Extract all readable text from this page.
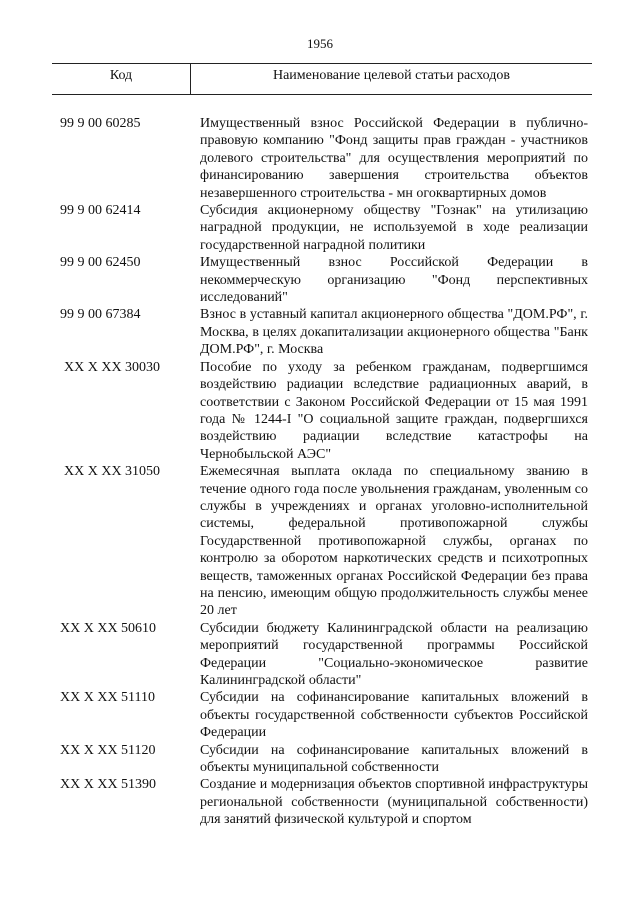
1956
Код	Наименование целевой статьи расходов
99 9 00 60285	Имущественный взнос Российской Федерации в публично-правовую компанию "Фонд защиты прав граждан - участников долевого строительства" для осуществления мероприятий по финансированию завершения строительства объектов незавершенного строительства - мн огоквартирных домов
99 9 00 62414	Субсидия акционерному обществу "Гознак" на утилизацию наградной продукции, не используемой в ходе реализации государственной наградной политики
99 9 00 62450	Имущественный взнос Российской Федерации в некоммерческую организацию "Фонд перспективных исследований"
99 9 00 67384	Взнос в уставный капитал акционерного общества "ДОМ.РФ", г. Москва, в целях докапитализации акционерного общества "Банк ДОМ.РФ", г. Москва
XX X XX 30030	Пособие по уходу за ребенком гражданам, подвергшимся воздействию радиации вследствие радиационных аварий, в соответствии с Законом Российской Федерации от 15 мая 1991 года № 1244-I "О социальной защите граждан, подвергшихся воздействию радиации вследствие катастрофы на Чернобыльской АЭС"
XX X XX 31050	Ежемесячная выплата оклада по специальному званию в течение одного года после увольнения гражданам, уволенным со службы в учреждениях и органах уголовно-исполнительной системы, федеральной противопожарной службы Государственной противопожарной службы, органах по контролю за оборотом наркотических средств и психотропных веществ, таможенных органах Российской Федерации без права на пенсию, имеющим общую продолжительность службы менее 20 лет
XX X XX 50610	Субсидии бюджету Калининградской области на реализацию мероприятий государственной программы Российской Федерации "Социально-экономическое развитие Калининградской области"
XX X XX 51110	Субсидии на софинансирование капитальных вложений в объекты государственной собственности субъектов Российской Федерации
XX X XX 51120	Субсидии на софинансирование капитальных вложений в объекты муниципальной собственности
XX X XX 51390	Создание и модернизация объектов спортивной инфраструктуры региональной собственности (муниципальной собственности) для занятий физической культурой и спортом
